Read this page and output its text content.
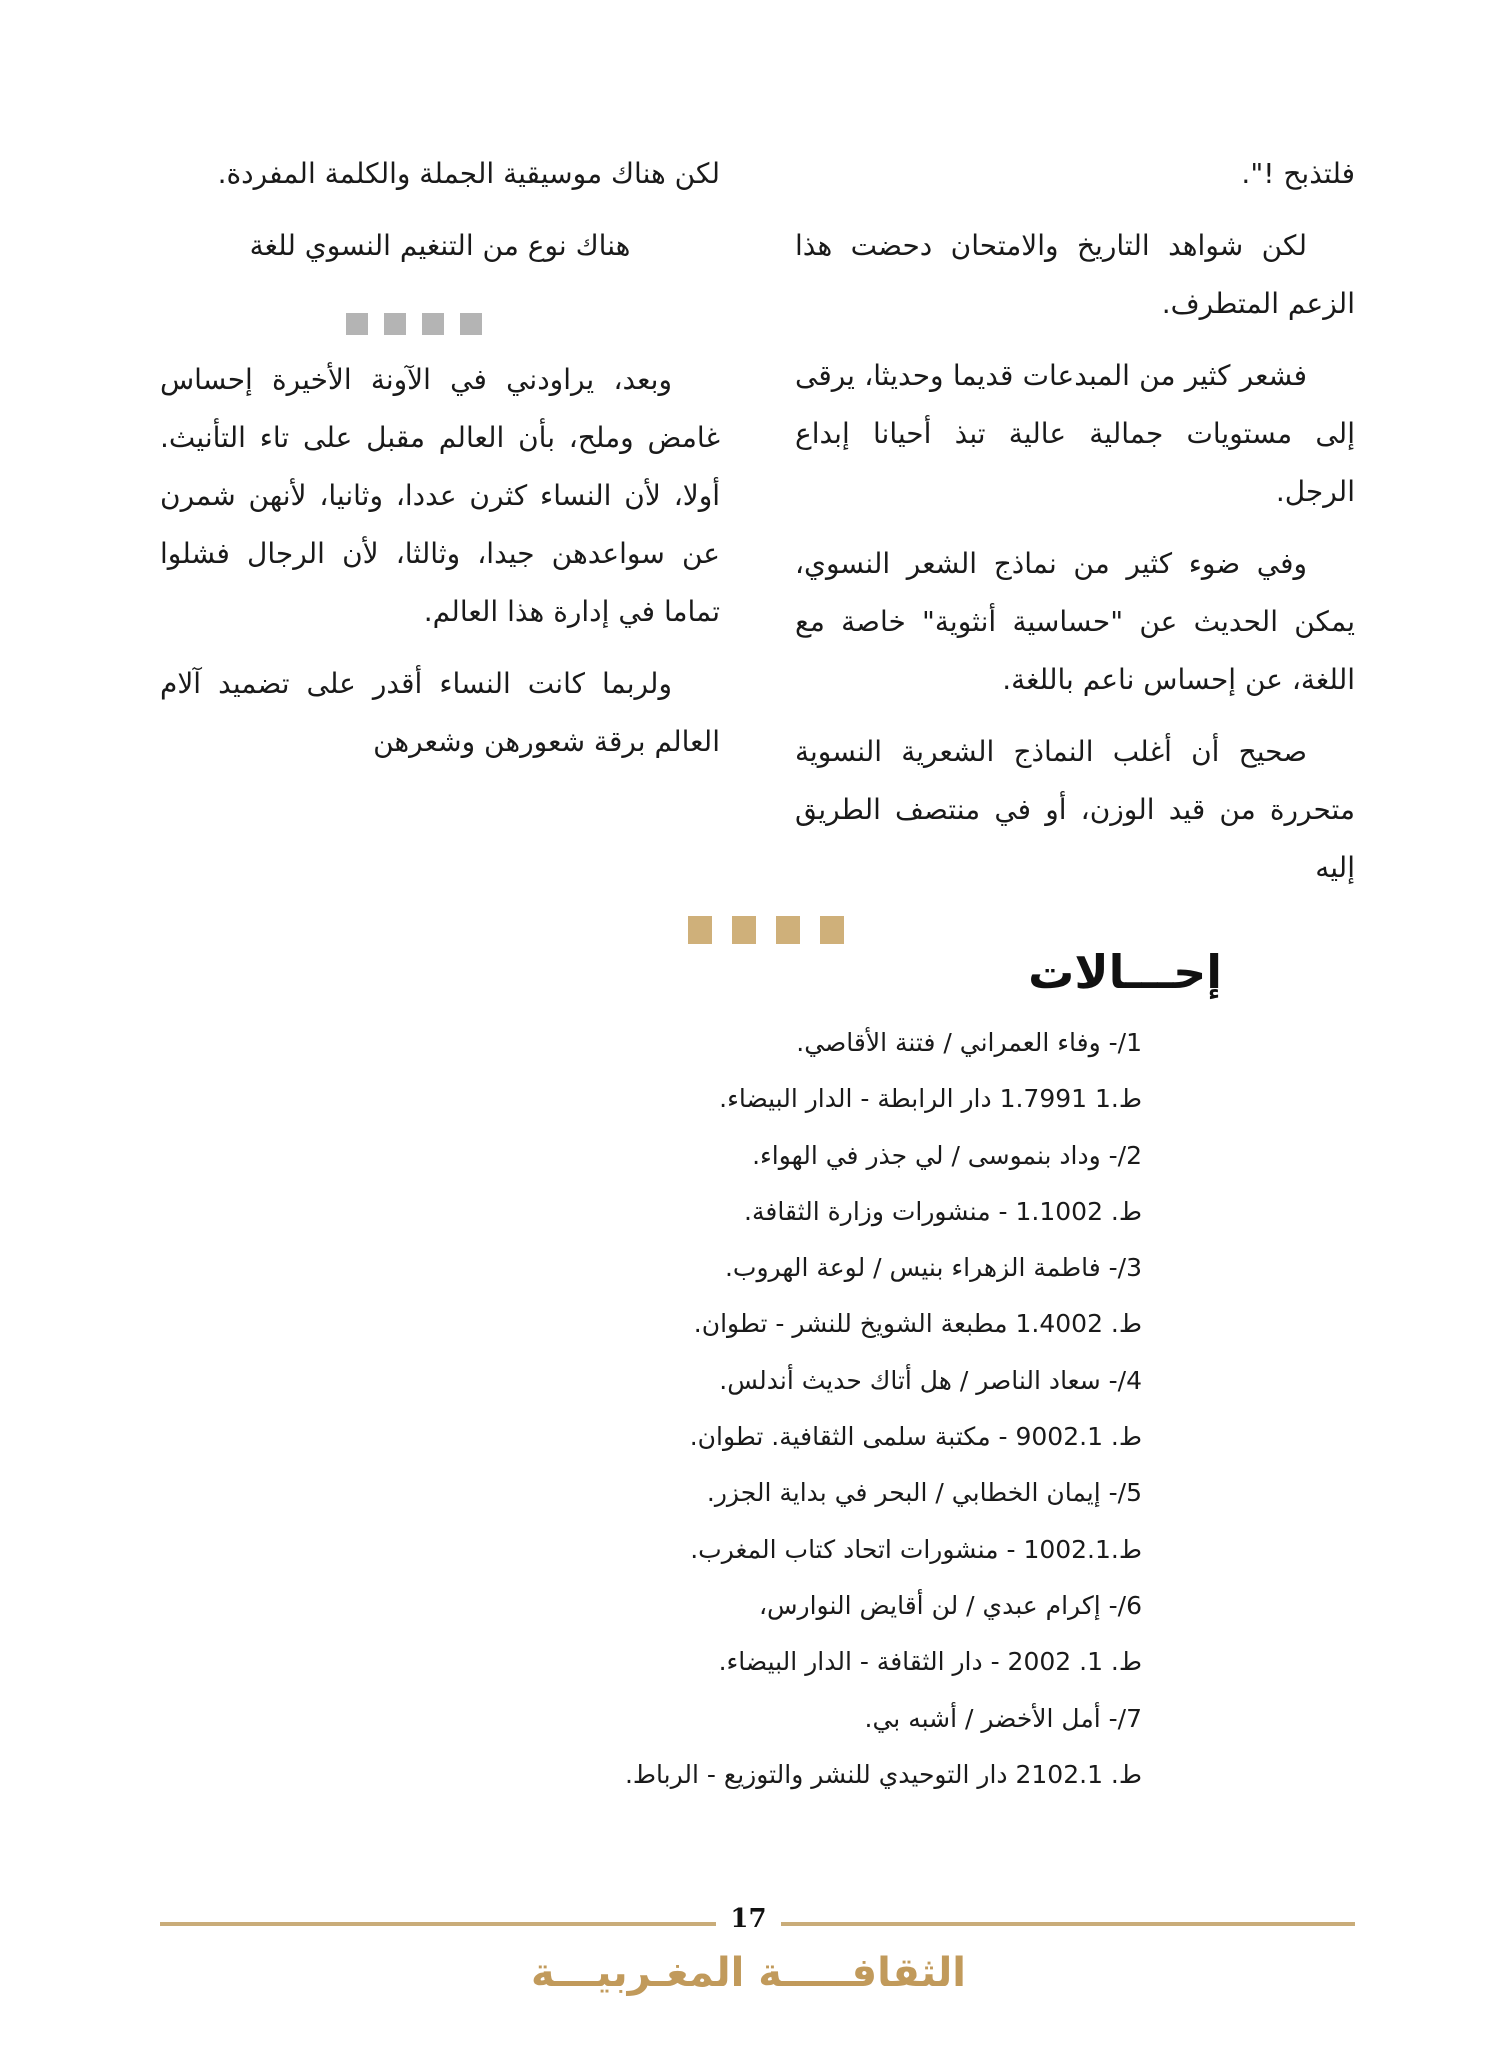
فلتذبح !".

لكن شواهد التاريخ والامتحان دحضت هذا الزعم المتطرف.

فشعر كثير من المبدعات قديما وحديثا، يرقى إلى مستويات جمالية عالية تبذ أحيانا إبداع الرجل.

وفي ضوء كثير من نماذج الشعر النسوي، يمكن الحديث عن "حساسية أنثوية" خاصة مع اللغة، عن إحساس ناعم باللغة.

صحيح أن أغلب النماذج الشعرية النسوية متحررة من قيد الوزن، أو في منتصف الطريق إليه

لكن هناك موسيقية الجملة والكلمة المفردة.

هناك نوع من التنغيم النسوي للغة

وبعد، يراودني في الآونة الأخيرة إحساس غامض وملح، بأن العالم مقبل على تاء التأنيث. أولا، لأن النساء كثرن عددا، وثانيا، لأنهن شمرن عن سواعدهن جيدا، وثالثا، لأن الرجال فشلوا تماما في إدارة هذا العالم.

ولربما كانت النساء أقدر على تضميد آلام العالم برقة شعورهن وشعرهن

إحـــالات
1/- وفاء العمراني / فتنة الأقاصي.
ط.1 1.7991 دار الرابطة - الدار البيضاء.
2/- وداد بنموسى / لي جذر في الهواء.
ط. 1.1002 - منشورات وزارة الثقافة.
3/- فاطمة الزهراء بنيس / لوعة الهروب.
ط. 1.4002 مطبعة الشويخ للنشر - تطوان.
4/- سعاد الناصر / هل أتاك حديث أندلس.
ط. 9002.1 - مكتبة سلمى الثقافية. تطوان.
5/- إيمان الخطابي / البحر في بداية الجزر.
ط.1002.1 - منشورات اتحاد كتاب المغرب.
6/- إكرام عبدي / لن أقايض النوارس،
ط. 1. 2002 - دار الثقافة - الدار البيضاء.
7/- أمل الأخضر / أشبه بي.
ط. 2102.1 دار التوحيدي للنشر والتوزيع - الرباط.
17
الثقافـــــة المغـربيـــة
